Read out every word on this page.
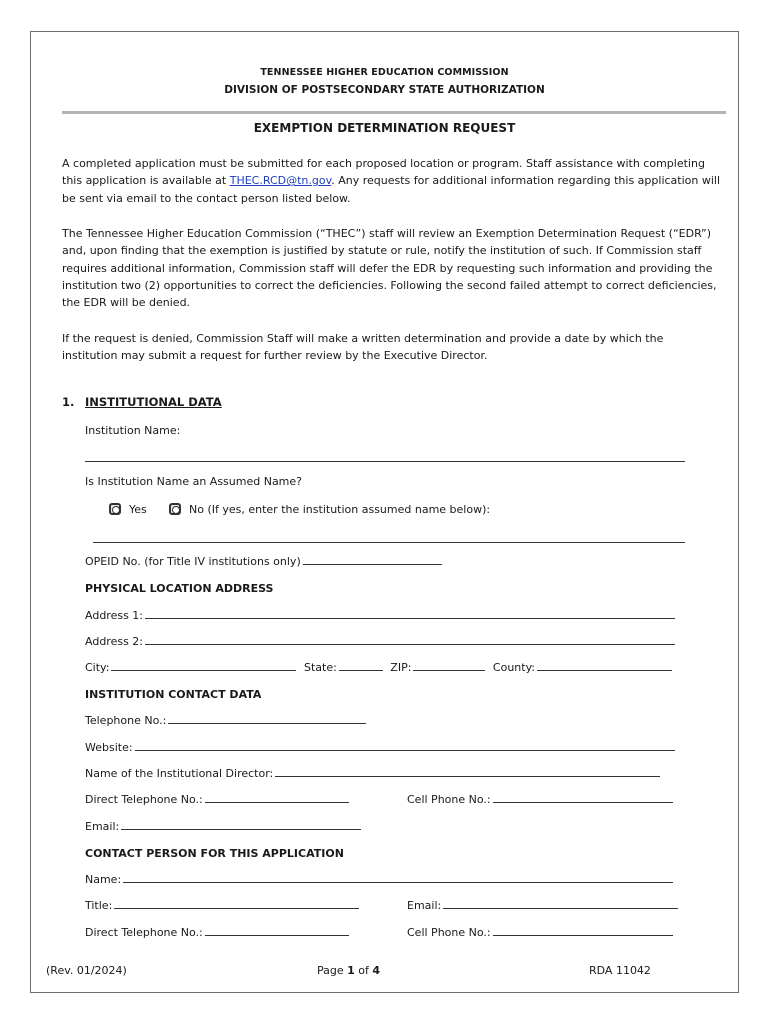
TENNESSEE HIGHER EDUCATION COMMISSION
DIVISION OF POSTSECONDARY STATE AUTHORIZATION
EXEMPTION DETERMINATION REQUEST

A completed application must be submitted for each proposed location or program. Staff assistance with completing this application is available at THEC.RCD@tn.gov. Any requests for additional information regarding this application will be sent via email to the contact person listed below.

The Tennessee Higher Education Commission (“THEC”) staff will review an Exemption Determination Request (“EDR”) and, upon finding that the exemption is justified by statute or rule, notify the institution of such. If Commission staff requires additional information, Commission staff will defer the EDR by requesting such information and providing the institution two (2) opportunities to correct the deficiencies. Following the second failed attempt to correct deficiencies, the EDR will be denied.

If the request is denied, Commission Staff will make a written determination and provide a date by which the institution may submit a request for further review by the Executive Director.

1. INSTITUTIONAL DATA
Institution Name:
Is Institution Name an Assumed Name?
Yes	No (If yes, enter the institution assumed name below):
OPEID No. (for Title IV institutions only)
PHYSICAL LOCATION ADDRESS
Address 1:
Address 2:
City:	State:	ZIP:	County:
INSTITUTION CONTACT DATA
Telephone No.:
Website:
Name of the Institutional Director:
Direct Telephone No.:	Cell Phone No.:
Email:
CONTACT PERSON FOR THIS APPLICATION
Name:
Title:	Email:
Direct Telephone No.:	Cell Phone No.:
(Rev. 01/2024)	Page 1 of 4	RDA 11042
